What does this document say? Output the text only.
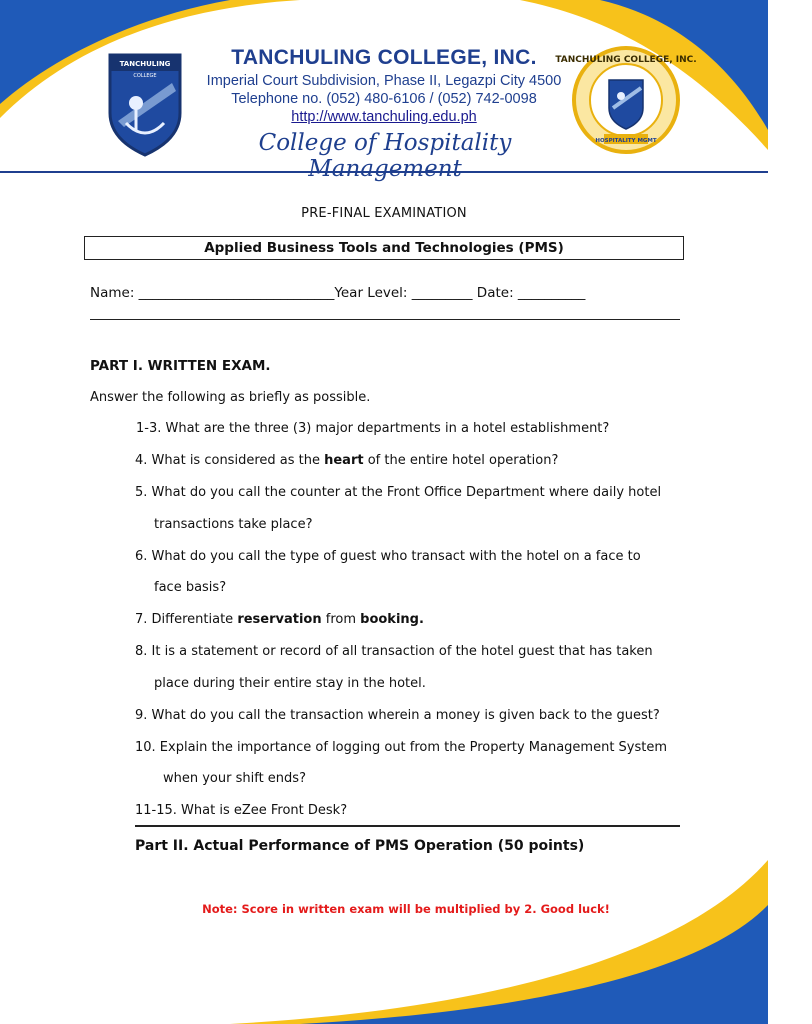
TANCHULING
COLLEGE
TANCHULING COLLEGE, INC.
HOSPITALITY MGMT
TANCHULING COLLEGE, INC.
Imperial Court Subdivision, Phase II, Legazpi City 4500
Telephone no. (052) 480-6106 / (052) 742-0098
http://www.tanchuling.edu.ph
College of Hospitality Management
PRE-FINAL EXAMINATION
Applied Business Tools and Technologies (PMS)
Name: _____________________________Year Level: _________ Date: __________
PART I. WRITTEN EXAM.
Answer the following as briefly as possible.
1-3. What are the three (3) major departments in a hotel establishment?
4. What is considered as the heart of the entire hotel operation?
5. What do you call the counter at the Front Office Department where daily hotel
transactions take place?
6. What do you call the type of guest who transact with the hotel on a face to
face basis?
7. Differentiate reservation from booking.
8. It is a statement or record of all transaction of the hotel guest that has taken
place during their entire stay in the hotel.
9. What do you call the transaction wherein a money is given back to the guest?
10. Explain the importance of logging out from the Property Management System
when your shift ends?
11-15. What is eZee Front Desk?
Part II. Actual Performance of PMS Operation (50 points)
Note: Score in written exam will be multiplied by 2. Good luck!
